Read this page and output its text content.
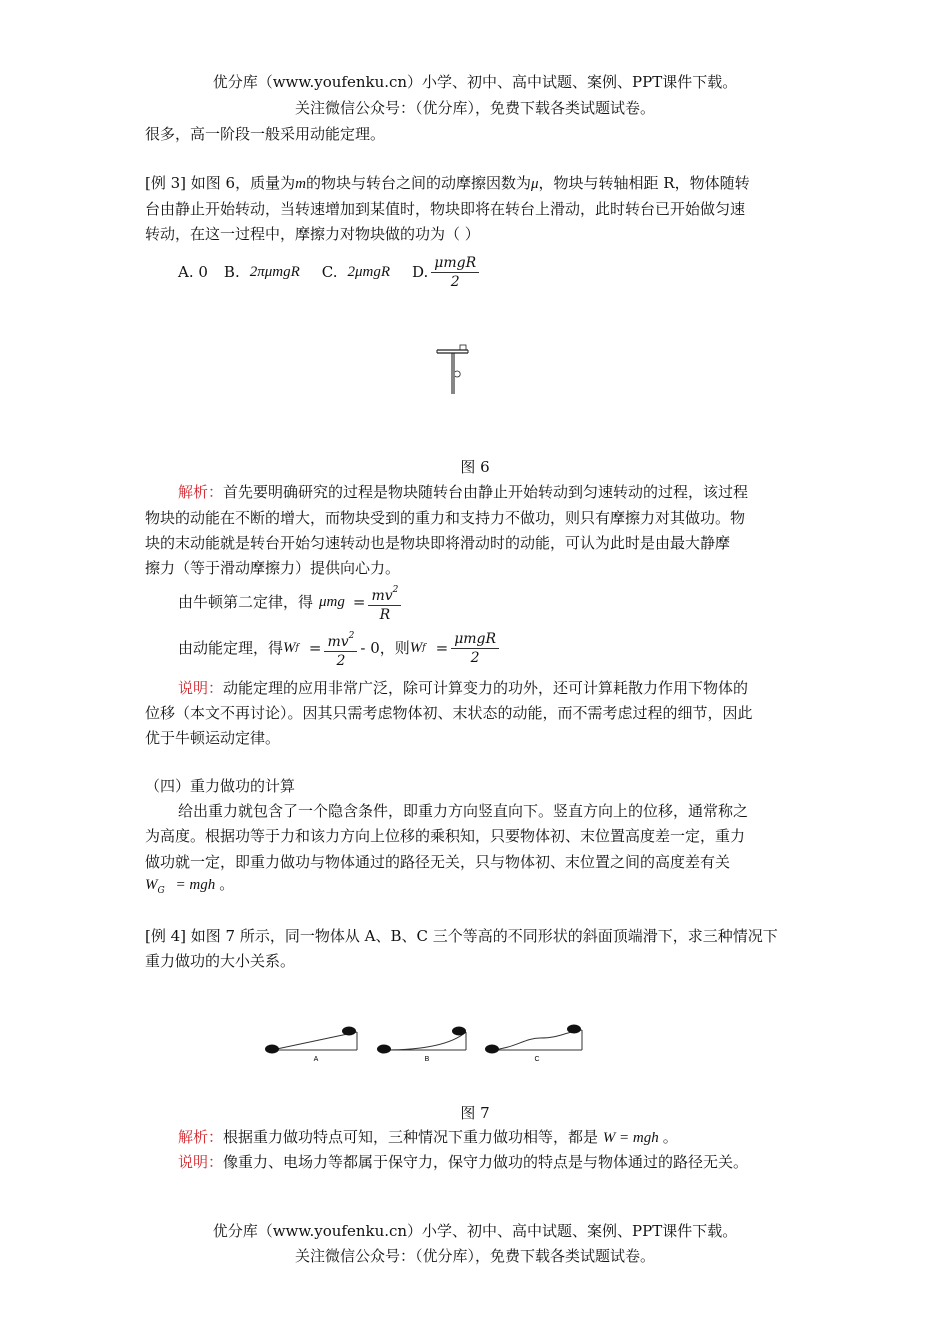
优分库（www.youfenku.cn）小学、初中、高中试题、案例、PPT课件下载。
关注微信公众号：（优分库），免费下载各类试题试卷。
很多，高一阶段一般采用动能定理。
[例 3] 如图 6，质量为m的物块与转台之间的动摩擦因数为μ，物块与转轴相距 R，物体随转
台由静止开始转动，当转速增加到某值时，物块即将在转台上滑动，此时转台已开始做匀速
转动，在这一过程中，摩擦力对物块做的功为（ ）
A. 0 B. 2πμmgR C. 2μmgR D. $\frac{\text{μmgR}}{2}$
图 6
解析：首先要明确研究的过程是物块随转台由静止开始转动到匀速转动的过程，该过程
物块的动能在不断的增大，而物块受到的重力和支持力不做功，则只有摩擦力对其做功。物
块的末动能就是转台开始匀速转动也是物块即将滑动时的动能，可认为此时是由最大静摩
擦力（等于滑动摩擦力）提供向心力。
由牛顿第二定律，得 $\mu mg = \frac{mv^2}{R}$
由动能定理，得 W $f = \frac{mv^2}{2} - 0$ ，则 W $f = \frac{\text{μmgR}}{2}$
说明：动能定理的应用非常广泛，除可计算变力的功外，还可计算耗散力作用下物体的
位移（本文不再讨论）。因其只需考虑物体初、末状态的动能，而不需考虑过程的细节，因此
优于牛顿运动定律。
（四）重力做功的计算
给出重力就包含了一个隐含条件，即重力方向竖直向下。竖直方向上的位移，通常称之
为高度。根据功等于力和该力方向上位移的乘积知，只要物体初、末位置高度差一定，重力
做功就一定，即重力做功与物体通过的路径无关，只与物体初、末位置之间的高度差有关
$W_G$ = mgh 。
[例 4] 如图 7 所示，同一物体从 A、B、C 三个等高的不同形状的斜面顶端滑下，求三种情况下
重力做功的大小关系。
A	B	C
图 7
解析：根据重力做功特点可知，三种情况下重力做功相等，都是 W = mgh 。
说明：像重力、电场力等都属于保守力，保守力做功的特点是与物体通过的路径无关。
优分库（www.youfenku.cn）小学、初中、高中试题、案例、PPT课件下载。
关注微信公众号：（优分库），免费下载各类试题试卷。
